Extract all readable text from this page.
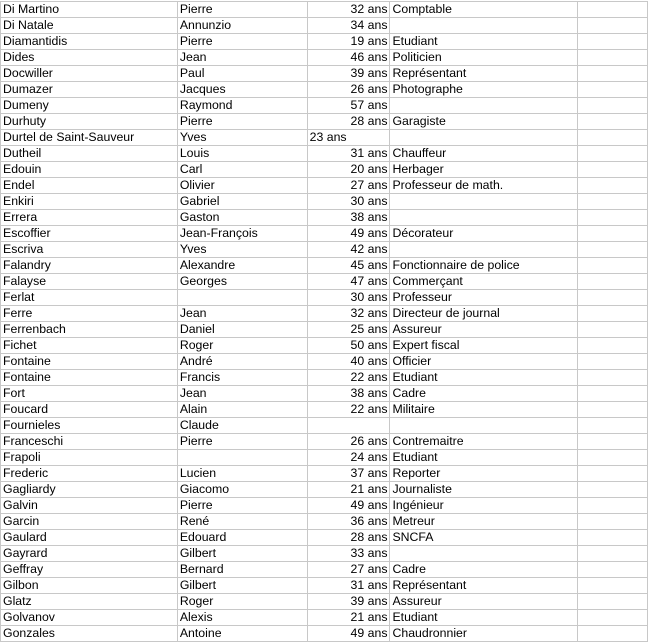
Di Martino	Pierre	32 ans	Comptable	
Di Natale	Annunzio	34 ans		
Diamantidis	Pierre	19 ans	Etudiant	
Dides	Jean	46 ans	Politicien	
Docwiller	Paul	39 ans	Représentant	
Dumazer	Jacques	26 ans	Photographe	
Dumeny	Raymond	57 ans		
Durhuty	Pierre	28 ans	Garagiste	
Durtel de Saint-Sauveur	Yves	23 ans		
Dutheil	Louis	31 ans	Chauffeur	
Edouin	Carl	20 ans	Herbager	
Endel	Olivier	27 ans	Professeur de math.	
Enkiri	Gabriel	30 ans		
Errera	Gaston	38 ans		
Escoffier	Jean-François	49 ans	Décorateur	
Escriva	Yves	42 ans		
Falandry	Alexandre	45 ans	Fonctionnaire de police	
Falayse	Georges	47 ans	Commerçant	
Ferlat		30 ans	Professeur	
Ferre	Jean	32 ans	Directeur de journal	
Ferrenbach	Daniel	25 ans	Assureur	
Fichet	Roger	50 ans	Expert fiscal	
Fontaine	André	40 ans	Officier	
Fontaine	Francis	22 ans	Etudiant	
Fort	Jean	38 ans	Cadre	
Foucard	Alain	22 ans	Militaire	
Fournieles	Claude			
Franceschi	Pierre	26 ans	Contremaitre	
Frapoli		24 ans	Etudiant	
Frederic	Lucien	37 ans	Reporter	
Gagliardy	Giacomo	21 ans	Journaliste	
Galvin	Pierre	49 ans	Ingénieur	
Garcin	René	36 ans	Metreur	
Gaulard	Edouard	28 ans	SNCFA	
Gayrard	Gilbert	33 ans		
Geffray	Bernard	27 ans	Cadre	
Gilbon	Gilbert	31 ans	Représentant	
Glatz	Roger	39 ans	Assureur	
Golvanov	Alexis	21 ans	Etudiant	
Gonzales	Antoine	49 ans	Chaudronnier	
